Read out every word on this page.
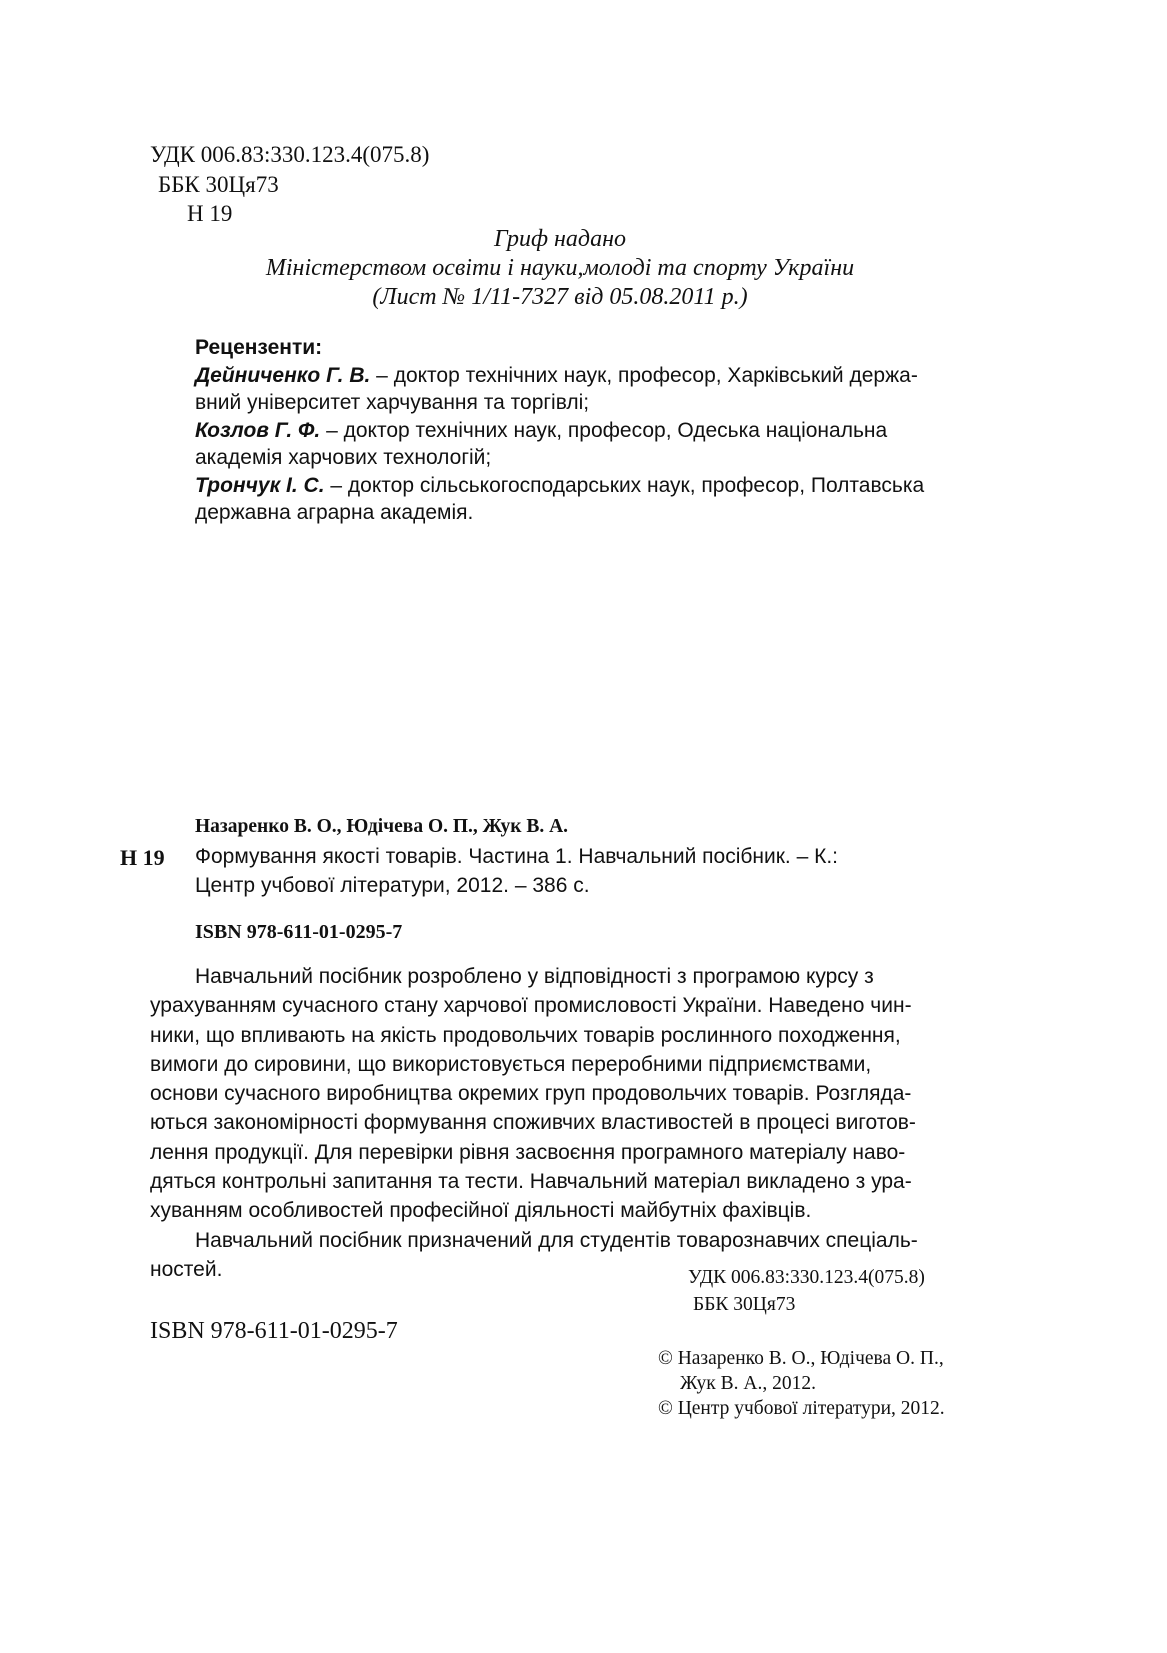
УДК 006.83:330.123.4(075.8)
ББК 30Ця73
Н 19
Гриф надано
Міністерством освіти і науки,молоді та спорту України
(Лист № 1/11-7327 від 05.08.2011 р.)
Рецензенти:
Дейниченко Г. В. – доктор технічних наук, професор, Харківський держа-
вний університет харчування та торгівлі;
Козлов Г. Ф. – доктор технічних наук, професор, Одеська національна
академія харчових технологій;
Трончук І. С. – доктор сільськогосподарських наук, професор, Полтавська
державна аграрна академія.
Назаренко В. О., Юдічева О. П., Жук В. А.
Н 19 Формування якості товарів. Частина 1. Навчальний посібник. – К.:
Центр учбової літератури, 2012. – 386 с.
ISBN 978-611-01-0295-7
Навчальний посібник розроблено у відповідності з програмою курсу з
урахуванням сучасного стану харчової промисловості України. Наведено чин-
ники, що впливають на якість продовольчих товарів рослинного походження,
вимоги до сировини, що використовується переробними підприємствами,
основи сучасного виробництва окремих груп продовольчих товарів. Розгляда-
ються закономірності формування споживчих властивостей в процесі виготов-
лення продукції. Для перевірки рівня засвоєння програмного матеріалу наво-
дяться контрольні запитання та тести. Навчальний матеріал викладено з ура-
хуванням особливостей професійної діяльності майбутніх фахівців.
Навчальний посібник призначений для студентів товарознавчих спеціаль-
ностей.	УДК 006.83:330.123.4(075.8)
ББК 30Ця73
ISBN 978-611-01-0295-7
© Назаренко В. О., Юдічева О. П.,
Жук В. А., 2012.
© Центр учбової літератури, 2012.
